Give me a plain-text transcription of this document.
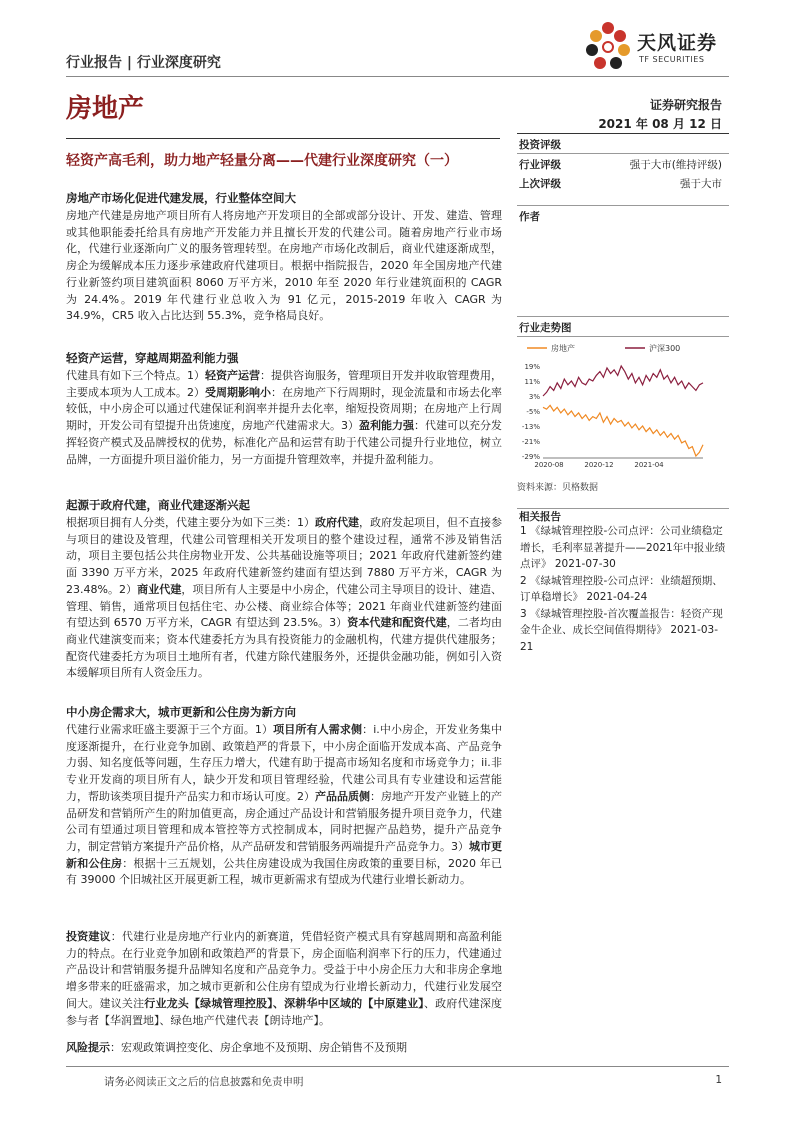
行业报告 | 行业深度研究
天风证券
TF SECURITIES
房地产	证券研究报告
2021 年 08 月 12 日
轻资产高毛利，助力地产轻量分离——代建行业深度研究（一）
房地产市场化促进代建发展，行业整体空间大

房地产代建是房地产项目所有人将房地产开发项目的全部或部分设计、开发、建造、管理或其他职能委托给具有房地产开发能力并且擅长开发的代建公司。随着房地产行业市场化，代建行业逐渐向广义的服务管理转型。在房地产市场化改制后，商业代建逐渐成型，房企为缓解成本压力逐步承建政府代建项目。根据中指院报告，2020 年全国房地产代建行业新签约项目建筑面积 8060 万平方米，2010 年至 2020 年行业建筑面积的 CAGR 为 24.4%。2019 年代建行业总收入为 91 亿元，2015-2019 年收入 CAGR 为 34.9%，CR5 收入占比达到 55.3%，竞争格局良好。

轻资产运营，穿越周期盈利能力强

代建具有如下三个特点。1）轻资产运营：提供咨询服务，管理项目开发并收取管理费用，主要成本项为人工成本。2）受周期影响小：在房地产下行周期时，现金流量和市场去化率较低，中小房企可以通过代建保证利润率并提升去化率，缩短投资周期；在房地产上行周期时，开发公司有望提升出货速度，房地产代建需求大。3）盈利能力强：代建可以充分发挥轻资产模式及品牌授权的优势，标准化产品和运营有助于代建公司提升行业地位，树立品牌，一方面提升项目溢价能力，另一方面提升管理效率，并提升盈利能力。

起源于政府代建，商业代建逐渐兴起

根据项目拥有人分类，代建主要分为如下三类：1）政府代建，政府发起项目，但不直接参与项目的建设及管理，代建公司管理相关开发项目的整个建设过程，通常不涉及销售活动，项目主要包括公共住房物业开发、公共基础设施等项目；2021 年政府代建新签约建面 3390 万平方米，2025 年政府代建新签约建面有望达到 7880 万平方米，CAGR 为 23.48%。2）商业代建，项目所有人主要是中小房企，代建公司主导项目的设计、建造、管理、销售，通常项目包括住宅、办公楼、商业综合体等；2021 年商业代建新签约建面有望达到 6570 万平方米，CAGR 有望达到 23.5%。3）资本代建和配资代建，二者均由商业代建演变而来；资本代建委托方为具有投资能力的金融机构，代建方提供代建服务；配资代建委托方为项目土地所有者，代建方除代建服务外，还提供金融功能，例如引入资本缓解项目所有人资金压力。

中小房企需求大，城市更新和公住房为新方向

代建行业需求旺盛主要源于三个方面。1）项目所有人需求侧：i.中小房企，开发业务集中度逐渐提升，在行业竞争加剧、政策趋严的背景下，中小房企面临开发成本高、产品竞争力弱、知名度低等问题，生存压力增大，代建有助于提高市场知名度和市场竞争力；ii.非专业开发商的项目所有人，缺少开发和项目管理经验，代建公司具有专业建设和运营能力，帮助该类项目提升产品实力和市场认可度。2）产品品质侧：房地产开发产业链上的产品研发和营销所产生的附加值更高，房企通过产品设计和营销服务提升项目竞争力，代建公司有望通过项目管理和成本管控等方式控制成本，同时把握产品趋势，提升产品竞争力，制定营销方案提升产品价格，从产品研发和营销服务两端提升产品竞争力。3）城市更新和公住房：根据十三五规划，公共住房建设成为我国住房政策的重要目标，2020 年已有 39000 个旧城社区开展更新工程，城市更新需求有望成为代建行业增长新动力。

投资建议：代建行业是房地产行业内的新赛道，凭借轻资产模式具有穿越周期和高盈利能力的特点。在行业竞争加剧和政策趋严的背景下，房企面临利润率下行的压力，代建通过产品设计和营销服务提升品牌知名度和产品竞争力。受益于中小房企压力大和非房企拿地增多带来的旺盛需求，加之城市更新和公住房有望成为行业增长新动力，代建行业发展空间大。建议关注行业龙头【绿城管理控股】、深耕华中区域的【中原建业】、政府代建深度参与者【华润置地】、绿色地产代建代表【朗诗地产】。

风险提示：宏观政策调控变化、房企拿地不及预期、房企销售不及预期

投资评级
行业评级	强于大市(维持评级)
上次评级	强于大市
作者
行业走势图
房地产	沪深300
19%
11%
3%
-5%
-13%
-21%
-29%
2020-08	2020-12	2021-04
资料来源：贝格数据
相关报告
1 《绿城管理控股-公司点评：公司业绩稳定增长，毛利率显著提升——2021年中报业绩点评》 2021-07-30
2 《绿城管理控股-公司点评：业绩超预期、订单稳增长》 2021-04-24
3 《绿城管理控股-首次覆盖报告：轻资产现金牛企业、成长空间值得期待》 2021-03-21
请务必阅读正文之后的信息披露和免责申明	1
